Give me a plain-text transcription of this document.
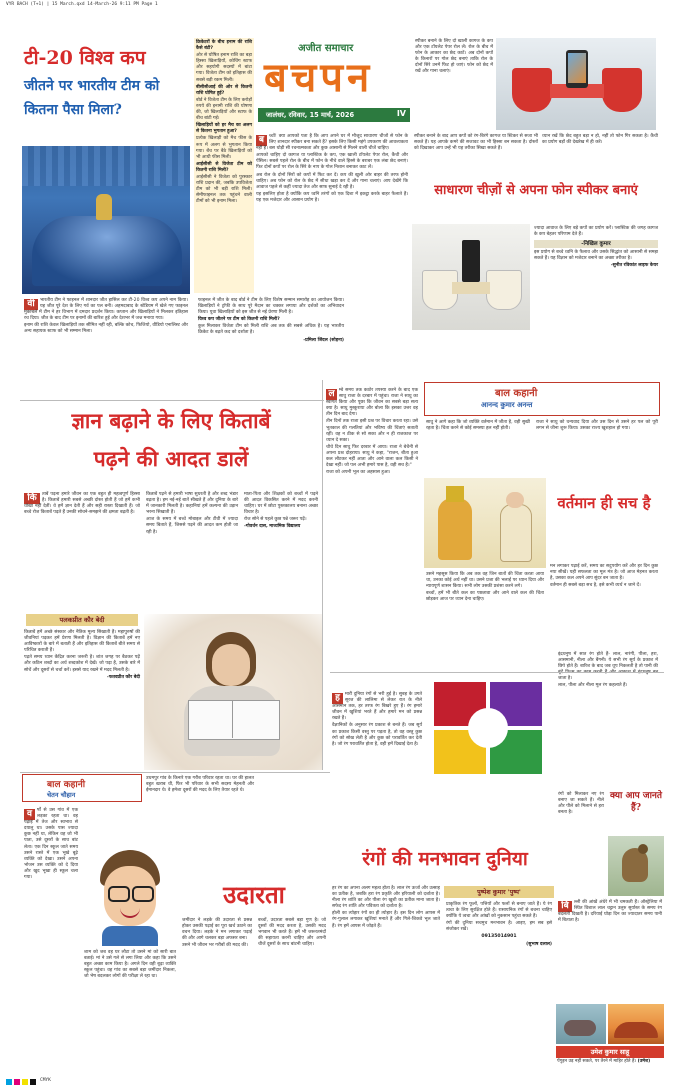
VYR BACH (T+1) | 15 March.qxd 14-March-26 9:11 PM Page 1
टी-20 विश्व कप
जीतने पर भारतीय टीम को कितना पैसा मिला?

क्रिकेटरों के बीच इनाम की राशि कैसे बंटी?

ओर से घोषित इनाम राशि का बड़ा हिस्सा खिलाड़ियों, कोचिंग स्टाफ और सहयोगी सदस्यों में बांटा गया। विजेता टीम को इतिहास की सबसे बड़ी रकम मिली।

बीसीसीआई की ओर से कितनी राशि घोषित हुई?

बोर्ड ने विजेता टीम के लिए करोड़ों रुपये की इनामी राशि की घोषणा की, जो खिलाड़ियों और स्टाफ के बीच बांटी गई।

खिलाड़ियों को हर मैच का अलग से कितना भुगतान हुआ?

प्रत्येक खिलाड़ी को मैच फीस के रूप में अलग से भुगतान किया गया। बेंच पर बैठे खिलाड़ियों को भी आधी फीस मिली।

आईसीसी से विजेता टीम को कितनी राशि मिली?

आईसीसी ने विजेता को पुरस्कार राशि प्रदान की, जबकि उपविजेता टीम को भी बड़ी राशि मिली। सेमीफाइनल तक पहुंचने वाली टीमों को भी इनाम मिला।

वी	भारतीय टीम ने फाइनल में शानदार जीत हासिल कर टी-20 विश्व कप अपने नाम किया। यह जीत पूरे देश के लिए गर्व का पल बनी। अहमदाबाद के स्टेडियम में खेले गए फाइनल मुकाबले में टीम ने हर विभाग में दमदार प्रदर्शन किया। कप्तान और खिलाड़ियों ने मिलकर इतिहास रच दिया। जीत के बाद टीम पर इनामों की बारिश हुई और देशभर में जश्न मनाया गया।

इनाम की राशि केवल खिलाड़ियों तक सीमित नहीं रही, बल्कि कोच, फिजियो, वीडियो एनालिस्ट और अन्य सहायक स्टाफ को भी सम्मान मिला।

फाइनल में जीत के बाद बोर्ड ने टीम के लिए विशेष सम्मान समारोह का आयोजन किया। खिलाड़ियों ने ट्रॉफी के साथ पूरे मैदान का चक्कर लगाया और दर्शकों का अभिवादन किया। युवा खिलाड़ियों को इस जीत से नई प्रेरणा मिली है।

विश्व कप जीतने पर टीम को कितनी राशि मिली?

कुल मिलाकर विजेता टीम को मिली राशि अब तक की सबसे अधिक है। यह भारतीय क्रिकेट के बढ़ते कद को दर्शाता है।

-प्रमिला जिंदल (सोहना)

अजीत समाचार
बचपन
जालंधर, रविवार, 15 मार्च, 2026	IV

स्पीकर बनाने के लिए दो खाली कागज के कप और एक टॉयलेट पेपर रोल लें। रोल के बीच में फोन के आकार का छेद काटें। अब दोनों कपों के किनारों पर गोल छेद बनाएं ताकि रोल के दोनों सिरे उनमें फिट हो जाएं। फोन को छेद में रखें और गाना चलाएं।

ब	च्चों! क्या आपको पता है कि आप अपने घर में मौजूद साधारण चीजों से फोन के लिए शानदार स्पीकर बना सकते हैं? इसके लिए किसी महंगे उपकरण की आवश्यकता नहीं है। बस थोड़ी सी रचनात्मकता और कुछ आसानी से मिलने वाली चीजें चाहिए।

आपको चाहिए दो कागज या प्लास्टिक के कप, एक खाली टॉयलेट पेपर रोल, कैंची और पेंसिल। सबसे पहले रोल के बीच में फोन के नीचे वाले हिस्से के बराबर एक लंबा छेद बनाएं। फिर दोनों कपों पर रोल के सिरे के नाप के गोल निशान बनाकर काट लें।

अब रोल के दोनों सिरों को कपों में फिट कर दें। कप की खुली ओर बाहर की तरफ होनी चाहिए। अब फोन को रोल के छेद में सीधा खड़ा कर दें और गाना चलाएं। आप देखेंगे कि आवाज पहले से कहीं ज्यादा तेज और साफ सुनाई दे रही है।

यह इसलिए होता है क्योंकि कप ध्वनि तरंगों को एक दिशा में इकट्ठा करके बाहर फैलाते हैं। यह एक मजेदार और आसान प्रयोग है।

स्पीकर बनाने के बाद आप कपों को रंग-बिरंगे कागज या स्टिकर से सजा भी सकते हैं। यह आपके कमरे की सजावट का भी हिस्सा बन सकता है। दोस्तों को दिखाकर आप उन्हें भी यह तरीका सिखा सकते हैं।

ध्यान रखें कि छेद बहुत बड़ा न हो, नहीं तो फोन गिर सकता है। कैंची का प्रयोग बड़ों की देखरेख में ही करें।

साधारण चीज़ों से अपना फोन स्पीकर बनाएं

ज्यादा आवाज के लिए बड़े कपों का प्रयोग करें। प्लास्टिक की जगह कागज के कप बेहतर परिणाम देते हैं।

-निखिल कुमार

इस प्रयोग से बच्चे ध्वनि के फैलाव और उसके सिद्धांत को आसानी से समझ सकते हैं। यह विज्ञान को मजेदार बनाने का अच्छा तरीका है।

-सुनीत रविकांत लाइफ केयर

ज्ञान बढ़ाने के लिए किताबें
पढ़ने की आदत डालें
कि	ताबें पढ़ना हमारे जीवन का एक बहुत ही महत्वपूर्ण हिस्सा है। किताबें हमारी सबसे अच्छी दोस्त होती हैं जो हमें कभी धोखा नहीं देतीं। वे हमें ज्ञान देती हैं और सही रास्ता दिखाती हैं। जो बच्चे रोज किताबें पढ़ते हैं उनकी सोचने-समझने की क्षमता बढ़ती है।

किताबें पढ़ने से हमारी भाषा सुधरती है और शब्द भंडार बढ़ता है। हम नई-नई बातें सीखते हैं और दुनिया के बारे में जानकारी मिलती है। कहानियां हमें कल्पना की उड़ान भरना सिखाती हैं।

आज के समय में बच्चे मोबाइल और टीवी में ज्यादा समय बिताते हैं, जिससे पढ़ने की आदत कम होती जा रही है।

माता-पिता और शिक्षकों को बच्चों में पढ़ने की आदत विकसित करने में मदद करनी चाहिए। घर में छोटा पुस्तकालय बनाना अच्छा विचार है।

रोज सोने से पहले कुछ पन्ने जरूर पढ़ें।

-गोवर्धन दास, माध्यमिक विद्यालय

पलकप्रीत कौर बेदी

किताबें हमें अच्छे संस्कार और नैतिक मूल्य सिखाती हैं। महापुरुषों की जीवनियां पढ़कर हमें प्रेरणा मिलती है। विज्ञान की किताबें हमें नए आविष्कारों के बारे में बताती हैं और इतिहास की किताबें बीते समय से परिचित कराती हैं।

पढ़ते समय ध्यान केंद्रित करना जरूरी है। शांत जगह पर बैठकर पढ़ें और कठिन शब्दों का अर्थ शब्दकोश में देखें। जो पढ़ा है, उसके बारे में सोचें और दूसरों से चर्चा करें। इससे याद रखने में मदद मिलती है।

-फतवप्रीत कौर बेदी

ल म्बे समय तक कठोर तपस्या करने के बाद एक साधु राजा के दरबार में पहुंचा। राजा ने साधु का स्वागत किया और पूछा कि जीवन का सबसे बड़ा सत्य क्या है। साधु मुस्कुराया और बोला कि इसका उत्तर वह तीन दिन बाद देगा।

तीन दिनों तक राजा इसी प्रश्न पर विचार करता रहा। उसे भूतकाल की गलतियां और भविष्य की चिंताएं सताती रहीं। वह न ठीक से सो सका और न ही राजकाज पर ध्यान दे सका।

चौथे दिन साधु फिर दरबार में आया। राजा ने बेचैनी से अपना प्रश्न दोहराया। साधु ने कहा, "राजन, बीता हुआ कल लौटकर नहीं आता और आने वाला कल किसी ने देखा नहीं। जो पल अभी हमारे पास है, वही सच है।"

राजा को अपनी भूल का अहसास हुआ।

बाल कहानी
आनन्द कुमार अनन्त

साधु ने आगे कहा कि जो व्यक्ति वर्तमान में जीता है, वही सुखी रहता है। चिंता करने से कोई समस्या हल नहीं होती।

राजा ने साधु को धन्यवाद दिया और उस दिन से उसने हर पल को पूरी लगन से जीना शुरू किया। उसका राज्य खुशहाल हो गया।

वर्तमान ही सच है

उसने महसूस किया कि अब तक वह जिन बातों की चिंता करता आया था, उनका कोई अर्थ नहीं था। उसने प्रजा की भलाई पर ध्यान दिया और न्यायपूर्ण शासन किया। सभी लोग उसकी प्रशंसा करने लगे।

बच्चों, हमें भी बीते कल का पछतावा और आने वाले कल की चिंता छोड़कर आज पर ध्यान देना चाहिए।

मन लगाकर पढ़ाई करें, समय का सदुपयोग करें और हर दिन कुछ नया सीखें। यही सफलता का मूल मंत्र है। जो आज मेहनत करता है, उसका कल अपने आप सुंदर बन जाता है।

वर्तमान ही सबसे बड़ा सच है, इसे कभी व्यर्थ न जाने दें।

बाल कहानी
चेतन चौहान

उधमपुर गांव के किनारे एक गरीब परिवार रहता था। घर की हालत बहुत खराब थी, फिर भी परिवार के सभी सदस्य मेहनती और ईमानदार थे। वे हमेशा दूसरों की मदद के लिए तैयार रहते थे।

व	र्षों से उस गांव में एक लड़का रहता था। वह पढ़ाई में तेज और स्वभाव से दयालु था। उसके पास ज्यादा कुछ नहीं था, लेकिन वह जो भी पाता, उसे दूसरों के साथ बांट लेता। एक दिन स्कूल जाते समय उसने रास्ते में एक भूखे बूढ़े व्यक्ति को देखा। उसने अपना भोजन उस व्यक्ति को दे दिया और खुद भूखा ही स्कूल चला गया।

उदारता

शाम को जब वह घर लौटा तो उसने मां को सारी बात बताई। मां ने उसे गले से लगा लिया और कहा कि उसने बहुत अच्छा काम किया है। अगले दिन वही बूढ़ा व्यक्ति स्कूल पहुंचा। वह गांव का सबसे बड़ा जमींदार निकला, जो भेष बदलकर लोगों की परीक्षा ले रहा था।

जमींदार ने लड़के की उदारता से प्रसन्न होकर उसकी पढ़ाई का पूरा खर्च उठाने का वचन दिया। लड़के ने मन लगाकर पढ़ाई की और आगे चलकर बड़ा अफसर बना।

उसने भी जीवन भर गरीबों की मदद की।

बच्चों, उदारता सबसे बड़ा गुण है। जो दूसरों की मदद करता है, उसकी मदद भगवान भी करते हैं। हमें भी जरूरतमंदों की सहायता करनी चाहिए और अपनी चीजें दूसरों के साथ बांटनी चाहिए।

ह	मारी दुनिया रंगों से भरी हुई है। सुबह के उगते सूरज की लालिमा से लेकर रात के नीले आसमान तक, हर तरफ रंग बिखरे हुए हैं। रंग हमारे जीवन में खुशियां भरते हैं और हमारे मन को प्रसन्न रखते हैं।

वैज्ञानिकों के अनुसार रंग प्रकाश से बनते हैं। जब सूर्य का प्रकाश किसी वस्तु पर पड़ता है, तो वह वस्तु कुछ रंगों को सोख लेती है और कुछ को परावर्तित कर देती है। जो रंग परावर्तित होता है, वही हमें दिखाई देता है।

इंद्रधनुष में सात रंग होते हैं- लाल, नारंगी, पीला, हरा, आसमानी, नीला और बैंगनी। ये सभी रंग सूर्य के प्रकाश में छिपे होते हैं। बारिश के बाद जब धूप निकलती है तो पानी की जाता है।

लाल, पीला और नीला मूल रंग कहलाते हैं।

रंगों की मनभावन दुनिया

हर रंग का अपना अलग महत्व होता है। लाल रंग ऊर्जा और उत्साह का प्रतीक है, जबकि हरा रंग प्रकृति और हरियाली को दर्शाता है। नीला रंग शांति का और पीला रंग खुशी का प्रतीक माना जाता है। सफेद रंग शांति और पवित्रता को दर्शाता है।

होली का त्योहार रंगों का ही त्योहार है। इस दिन लोग आपस में रंग-गुलाल लगाकर खुशियां मनाते हैं और गिले-शिकवे भूल जाते हैं। रंग हमें आपस में जोड़ते हैं।

पुष्पेश कुमार 'पुष्प'

प्राकृतिक रंग फूलों, पत्तियों और फलों से बनाए जाते हैं। ये रंग त्वचा के लिए सुरक्षित होते हैं। रासायनिक रंगों से बचना चाहिए क्योंकि ये त्वचा और आंखों को नुकसान पहुंचा सकते हैं।

रंगों की दुनिया सचमुच मनभावन है। आइए, हम सब इसे संजोकर रखें।

09135014901

(सुभाष दलाल)

क्या आप जानते हैं?

रंगों को मिलाकर नए रंग बनाए जा सकते हैं। नीले और पीले को मिलाने से हरा बनता है।

बि	ल्ली की आंखें अंधेरे में भी चमकती हैं। ऑस्ट्रेलिया में स्थित विशाल लाल चट्टान उलुरु सूर्यास्त के समय रंग बदलती दिखती है। दरियाई घोड़ा दिन का ज्यादातर समय पानी में बिताता है।

उमेश कुमार साहू
पेंगुइन उड़ नहीं सकते, पर तैरने में माहिर होते हैं। (उमेश)
CMYK
